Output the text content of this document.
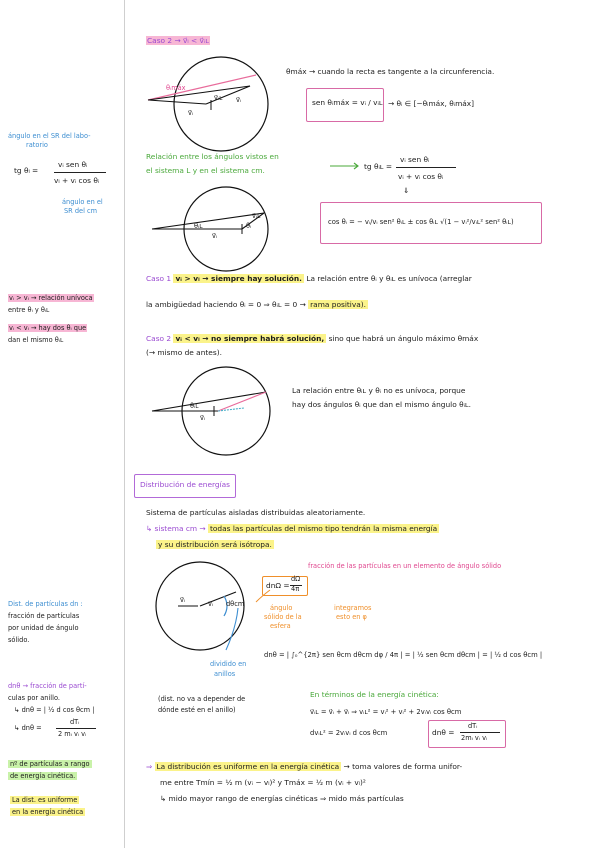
Caso 2 → v⃗ₗ < v⃗ᵢʟ
θᵢmáx
v⃗ᵢʟ v⃗ᵢ
v⃗ₗ
θmáx → cuando la recta es tangente a la circunferencia.
sen θᵢmáx = vᵢ / vᵢʟ → θᵢ ∈ [−θᵢmáx, θᵢmáx]
ángulo en el SR del labo-
ratorio
tg θₗ =
vᵢ sen θᵢ
vₗ + vᵢ cos θᵢ
ángulo en el
SR del cm
Relación entre los ángulos vistos en
el sistema L y en el sistema cm.	tg θᵢʟ =
vᵢ sen θᵢ
vᵢ + vᵢ cos θᵢ
⇓
cos θᵢ = − vᵢ/vᵢ sen² θᵢʟ ± cos θᵢʟ √(1 − vᵢ²/vᵢʟ² sen² θᵢʟ)
θᵢʟ	θᵢ
v⃗ᵢʟ
v⃗ₗ
vᵢ > vₗ → relación unívoca
entre θᵢ y θᵢʟ
vᵢ < vₗ → hay dos θᵢ que
dan el mismo θᵢʟ
Caso 1 vᵢ > vₗ → siempre hay solución. La relación entre θᵢ y θᵢʟ es unívoca (arreglar
la ambigüedad haciendo θᵢ = 0 ⇒ θᵢʟ = 0 → rama positiva).
Caso 2 vᵢ < vₗ → no siempre habrá solución, sino que habrá un ángulo máximo θmáx
(→ mismo de antes).
θᵢʟ
v⃗ₗ
La relación entre θᵢʟ y θᵢ no es unívoca, porque
hay dos ángulos θᵢ que dan el mismo ángulo θᵢʟ.
Distribución de energías
Sistema de partículas aisladas distribuidas aleatoriamente.
↳ sistema cm → todas las partículas del mismo tipo tendrán la misma energía
y su distribución será isótropa.
v⃗ₗ	v⃗ᵢ dθcm
dnΩ =
dΩ
4π
fracción de las partículas en un elemento de ángulo sólido
ángulo
sólido de la
esfera
integramos
esto en φ
dividido en
anillos
dnθ = | ∫₀^{2π} sen θcm dθcm dφ / 4π | = | ½ sen θcm dθcm | = | ½ d cos θcm |
(dist. no va a depender de
dónde esté en el anillo)
En términos de la energía cinética:
v⃗ᵢʟ = v⃗ᵢ + v⃗ₗ ⇒ vᵢʟ² = vᵢ² + vₗ² + 2vᵢvₗ cos θcm
dvᵢʟ² = 2vᵢvₗ d cos θcm	dnθ =
dTᵢ
2mᵢ vᵢ vₗ
Dist. de partículas dn :
fracción de partículas
por unidad de ángulo
sólido.
dnθ → fracción de partí-
culas por anillo.
↳ dnθ = | ½ d cos θcm |
↳ dnθ =
dTᵢ
2 mᵢ vᵢ vₗ
nº de partículas a rango
de energía cinética.
La dist. es uniforme
en la energía cinética
⇒ La distribución es uniforme en la energía cinética → toma valores de forma unifor-
me entre Tmín = ½ m (vᵢ − vₗ)² y Tmáx = ½ m (vᵢ + vₗ)²
↳ mido mayor rango de energías cinéticas ⇒ mido más partículas
